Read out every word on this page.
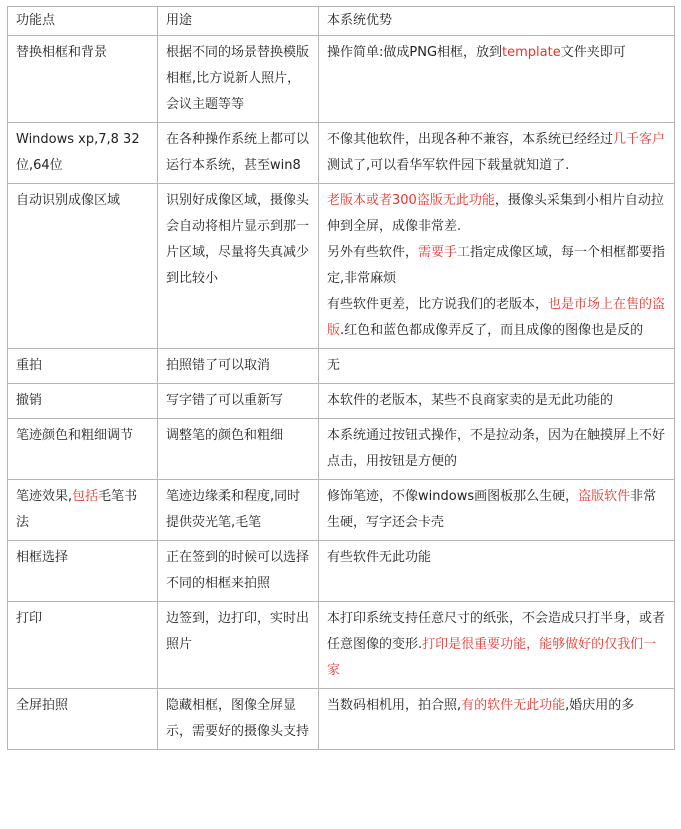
功能点	用途	本系统优势
替换相框和背景	根据不同的场景替换模版相框,比方说新人照片，会议主题等等	操作简单:做成PNG相框，放到template文件夹即可

Windows xp,7,8 32位,64位	在各种操作系统上都可以运行本系统，甚至win8	不像其他软件，出现各种不兼容，本系统已经经过几千客户测试了,可以看华军软件园下载量就知道了.

自动识别成像区域	识别好成像区域，摄像头会自动将相片显示到那一片区域，尽量将失真减少到比较小	老版本或者300盗版无此功能，摄像头采集到小相片自动拉伸到全屏，成像非常差.
另外有些软件，需要手工指定成像区域，每一个相框都要指定,非常麻烦
有些软件更差，比方说我们的老版本，也是市场上在售的盗版.红色和蓝色都成像弄反了，而且成像的图像也是反的

重拍	拍照错了可以取消	无

撤销	写字错了可以重新写	本软件的老版本，某些不良商家卖的是无此功能的

笔迹颜色和粗细调节	调整笔的颜色和粗细	本系统通过按钮式操作，不是拉动条，因为在触摸屏上不好点击，用按钮是方便的

笔迹效果,包括毛笔书法	笔迹边缘柔和程度,同时提供荧光笔,毛笔	修饰笔迹，不像windows画图板那么生硬，盗版软件非常生硬，写字还会卡壳

相框选择	正在签到的时候可以选择不同的相框来拍照	有些软件无此功能

打印	边签到，边打印，实时出照片	本打印系统支持任意尺寸的纸张，不会造成只打半身，或者任意图像的变形.打印是很重要功能，能够做好的仅我们一家

全屏拍照	隐藏相框，图像全屏显示，需要好的摄像头支持	当数码相机用，拍合照,有的软件无此功能,婚庆用的多
